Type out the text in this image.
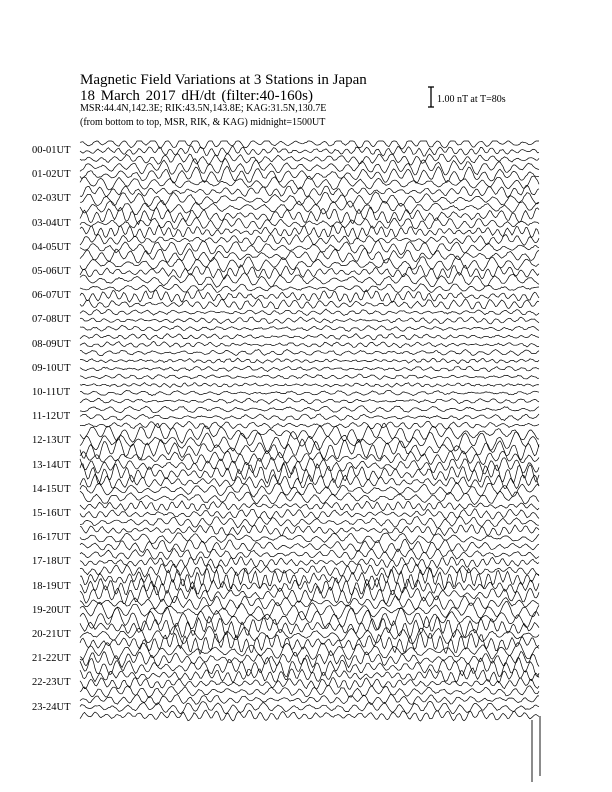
Magnetic Field Variations at 3 Stations in Japan
18 March 2017 dH/dt (filter:40-160s)
MSR:44.4N,142.3E; RIK:43.5N,143.8E; KAG:31.5N,130.7E
(from bottom to top, MSR, RIK, & KAG) midnight=1500UT
1.00 nT at T=80s
00-01UT
01-02UT
02-03UT
03-04UT
04-05UT
05-06UT
06-07UT
07-08UT
08-09UT
09-10UT
10-11UT
11-12UT
12-13UT
13-14UT
14-15UT
15-16UT
16-17UT
17-18UT
18-19UT
19-20UT
20-21UT
21-22UT
22-23UT
23-24UT
